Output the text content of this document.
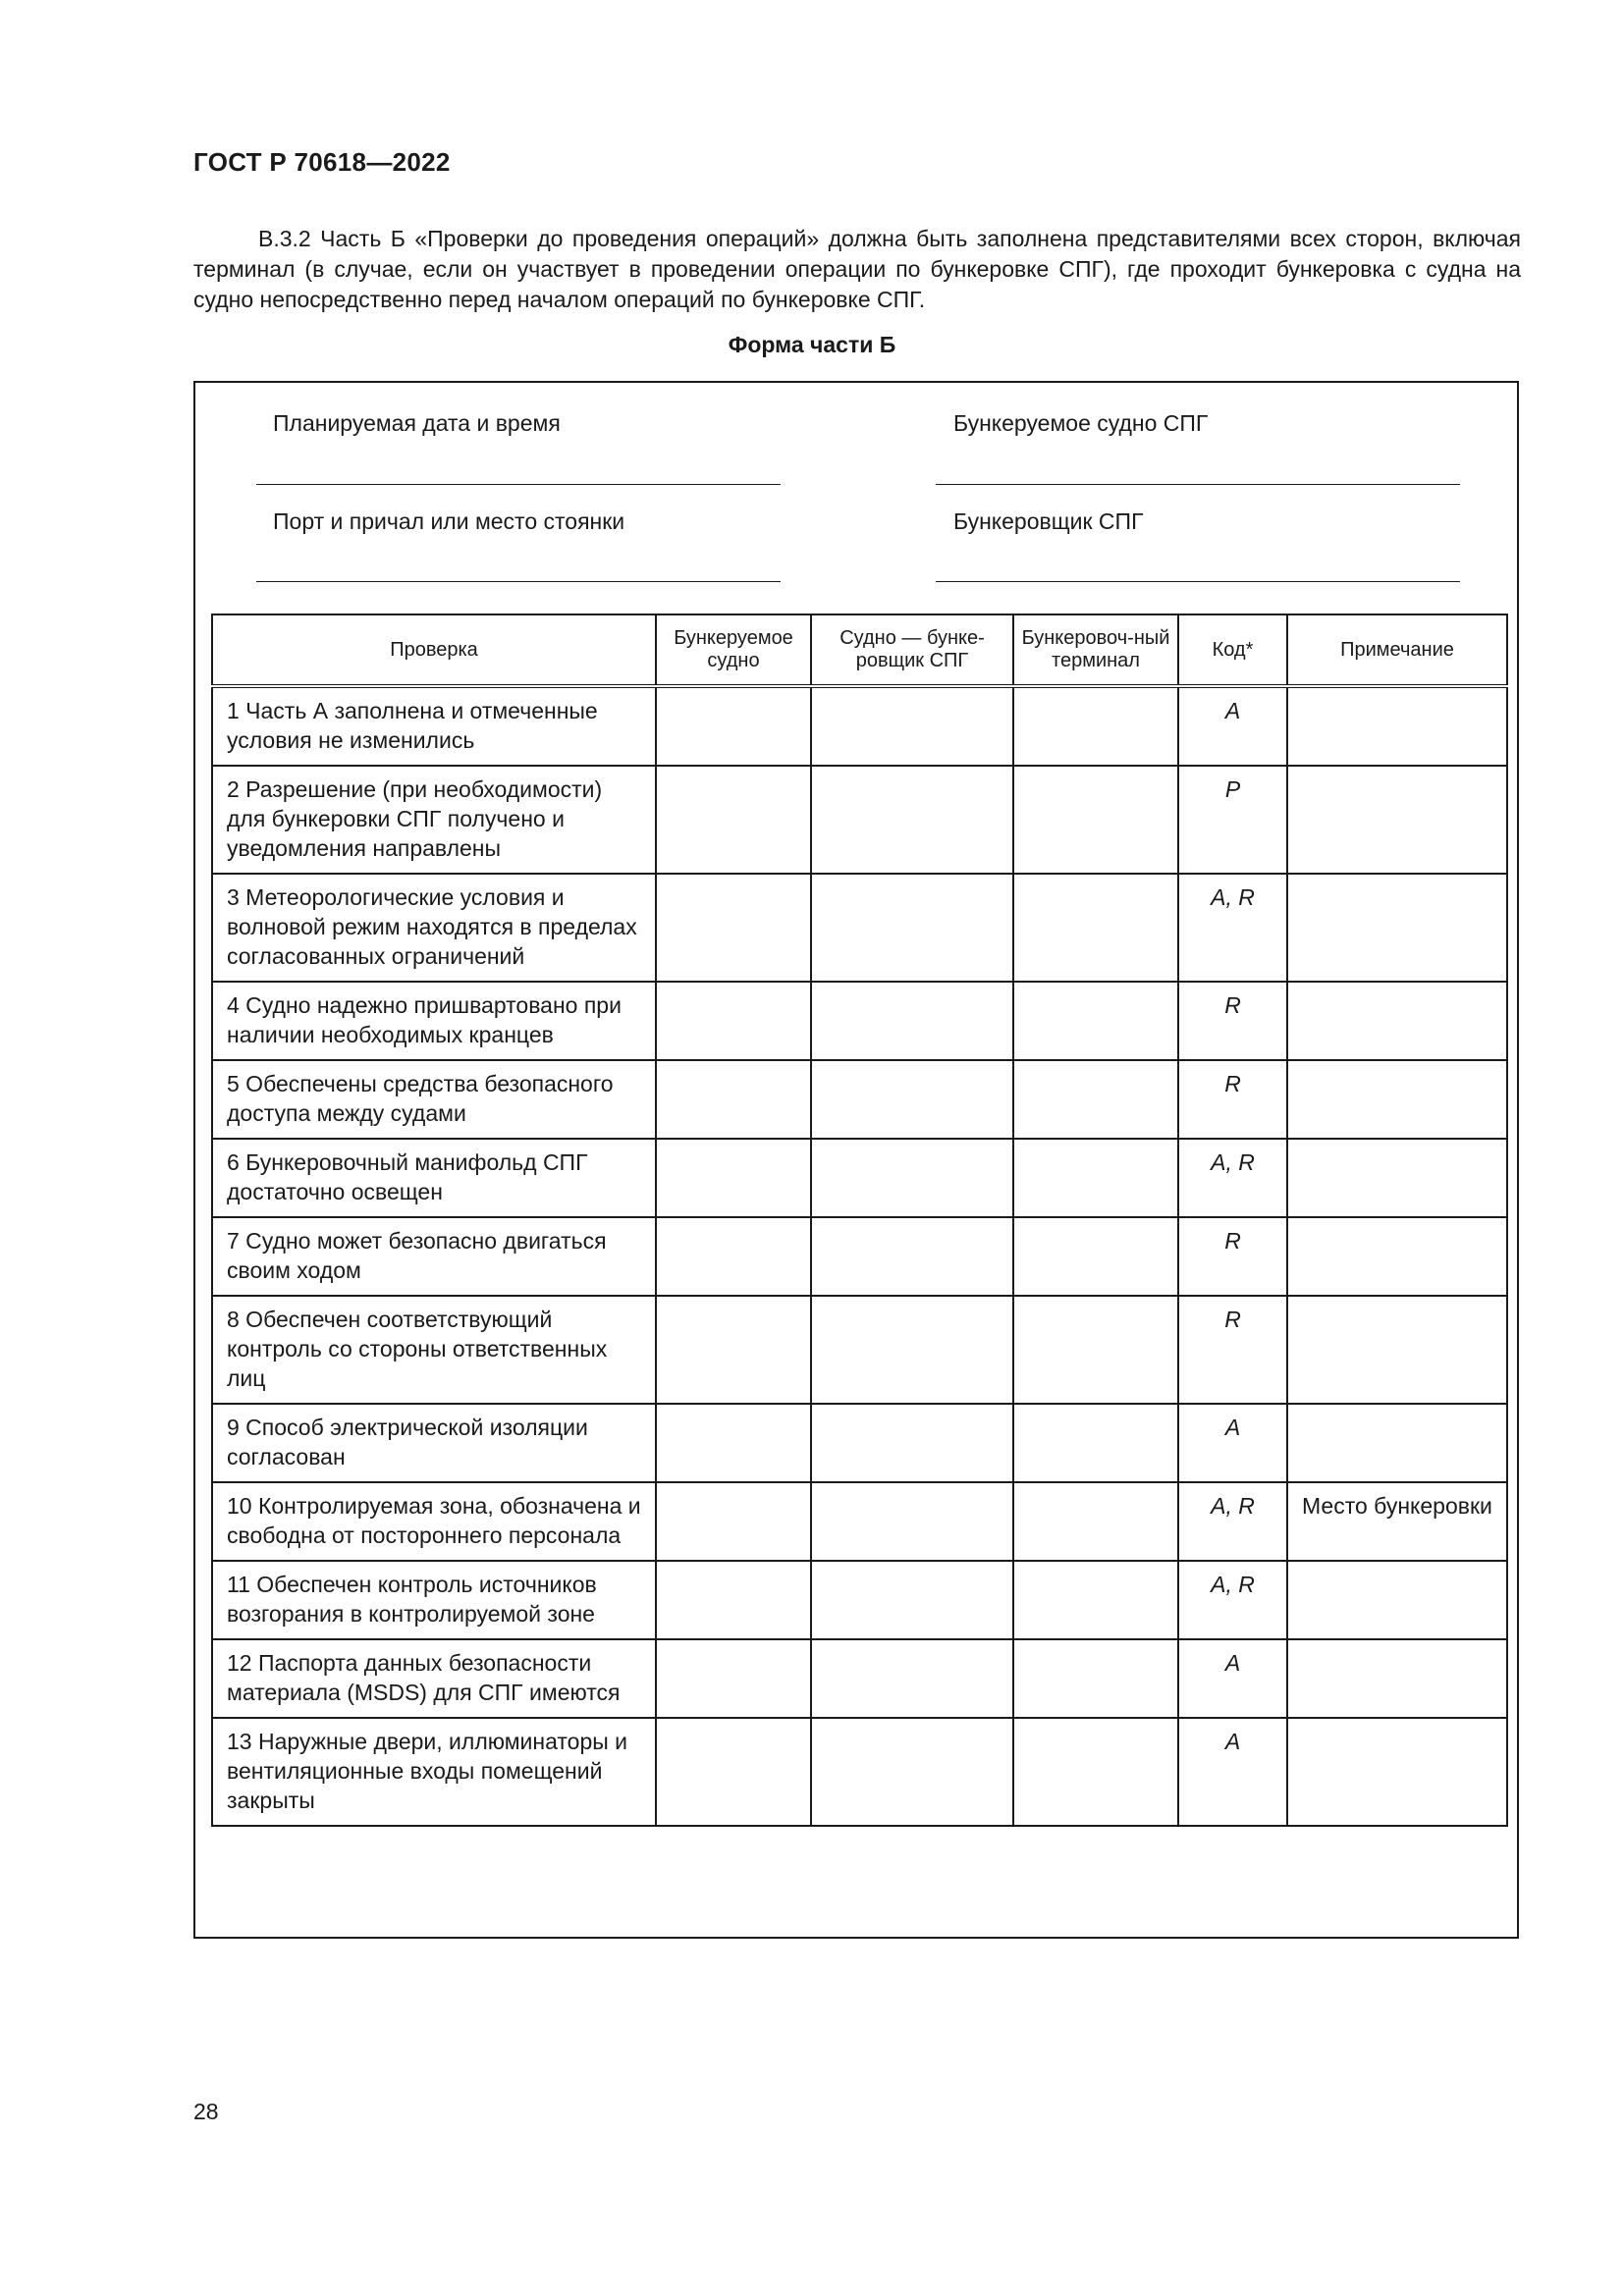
ГОСТ Р 70618—2022

В.3.2 Часть Б «Проверки до проведения операций» должна быть заполнена представителями всех сторон, включая терминал (в случае, если он участвует в проведении операции по бункеровке СПГ), где проходит бункеровка с судна на судно непосредственно перед началом операций по бункеровке СПГ.

Форма части Б
Планируемая дата и время	Бункеруемое судно СПГ
Порт и причал или место стоянки	Бункеровщик СПГ
Проверка	Бункеруемое судно	Судно — бунке-ровщик СПГ	Бункеровоч-ный терминал	Код*	Примечание
1 Часть А заполнена и отмеченные условия не изменились				A	
2 Разрешение (при необходимости) для бункеровки СПГ получено и уведомления направлены				P	
3 Метеорологические условия и волновой режим находятся в пределах согласованных ограничений				A, R	
4 Судно надежно пришвартовано при наличии необходимых кранцев				R	
5 Обеспечены средства безопасного доступа между судами				R	
6 Бункеровочный манифольд СПГ достаточно освещен				A, R	
7 Судно может безопасно двигаться своим ходом				R	
8 Обеспечен соответствующий контроль со стороны ответственных лиц				R	
9 Способ электрической изоляции согласован				A	
10 Контролируемая зона, обозначена и свободна от постороннего персонала				A, R	Место бункеровки
11 Обеспечен контроль источников возгорания в контролируемой зоне				A, R	
12 Паспорта данных безопасности материала (MSDS) для СПГ имеются				A	
13 Наружные двери, иллюминаторы и вентиляционные входы помещений закрыты				A	
28
